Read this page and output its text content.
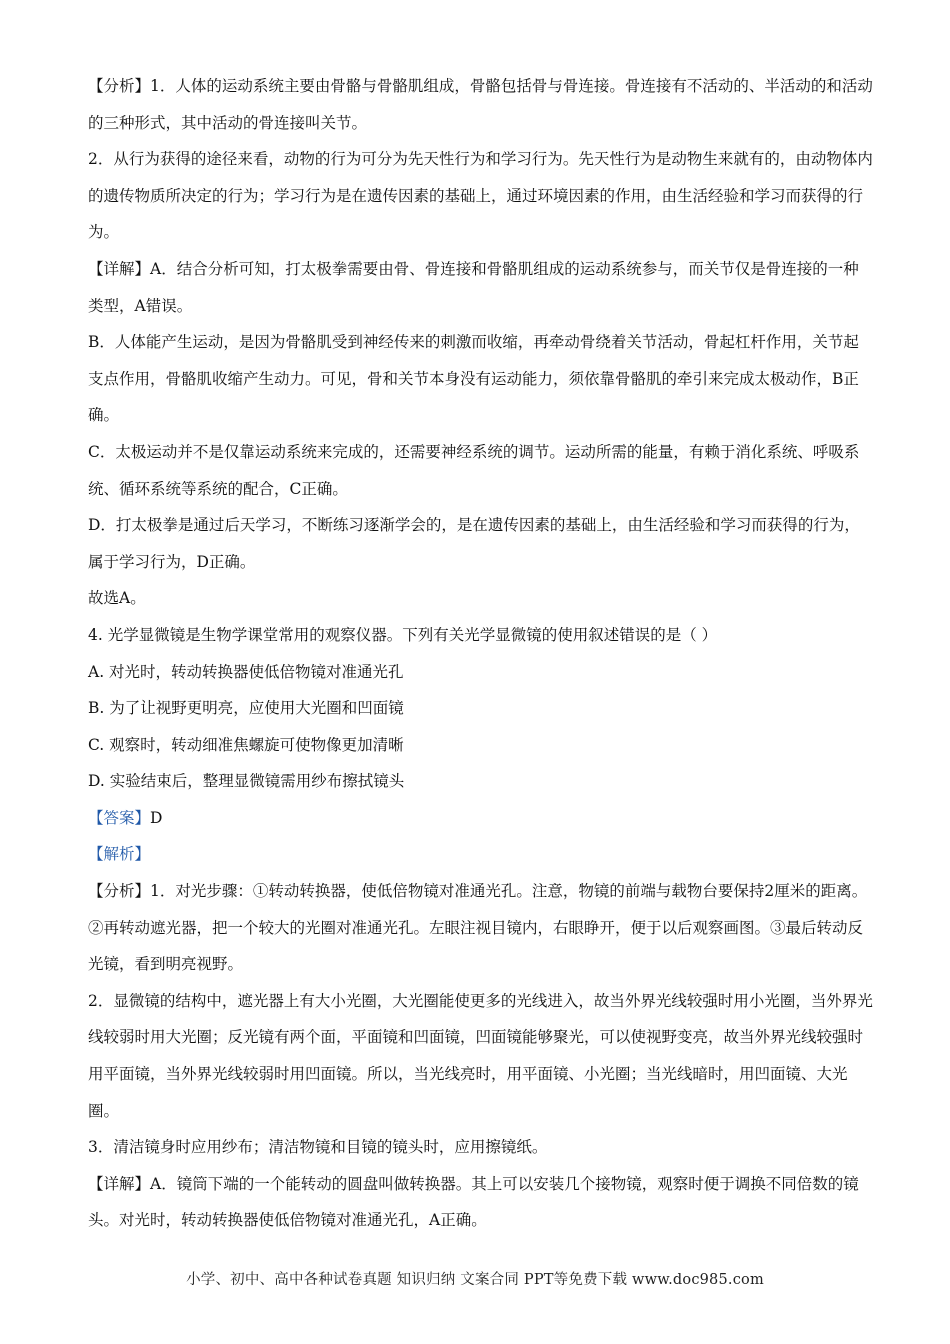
【分析】1．人体的运动系统主要由骨骼与骨骼肌组成，骨骼包括骨与骨连接。骨连接有不活动的、半活动的和活动的三种形式，其中活动的骨连接叫关节。

2．从行为获得的途径来看，动物的行为可分为先天性行为和学习行为。先天性行为是动物生来就有的，由动物体内的遗传物质所决定的行为；学习行为是在遗传因素的基础上，通过环境因素的作用，由生活经验和学习而获得的行为。

【详解】A．结合分析可知，打太极拳需要由骨、骨连接和骨骼肌组成的运动系统参与，而关节仅是骨连接的一种类型，A错误。

B．人体能产生运动，是因为骨骼肌受到神经传来的刺激而收缩，再牵动骨绕着关节活动，骨起杠杆作用，关节起支点作用，骨骼肌收缩产生动力。可见，骨和关节本身没有运动能力，须依靠骨骼肌的牵引来完成太极动作，B正确。

C．太极运动并不是仅靠运动系统来完成的，还需要神经系统的调节。运动所需的能量，有赖于消化系统、呼吸系统、循环系统等系统的配合，C正确。

D．打太极拳是通过后天学习，不断练习逐渐学会的，是在遗传因素的基础上，由生活经验和学习而获得的行为，属于学习行为，D正确。

故选A。

4. 光学显微镜是生物学课堂常用的观察仪器。下列有关光学显微镜的使用叙述错误的是（ ）

A. 对光时，转动转换器使低倍物镜对准通光孔

B. 为了让视野更明亮，应使用大光圈和凹面镜

C. 观察时，转动细准焦螺旋可使物像更加清晰

D. 实验结束后，整理显微镜需用纱布擦拭镜头

【答案】D

【解析】

【分析】1．对光步骤：①转动转换器，使低倍物镜对准通光孔。注意，物镜的前端与载物台要保持2厘米的距离。②再转动遮光器，把一个较大的光圈对准通光孔。左眼注视目镜内，右眼睁开，便于以后观察画图。③最后转动反光镜，看到明亮视野。

2．显微镜的结构中，遮光器上有大小光圈，大光圈能使更多的光线进入，故当外界光线较强时用小光圈，当外界光线较弱时用大光圈；反光镜有两个面，平面镜和凹面镜，凹面镜能够聚光，可以使视野变亮，故当外界光线较强时用平面镜，当外界光线较弱时用凹面镜。所以，当光线亮时，用平面镜、小光圈；当光线暗时，用凹面镜、大光圈。

3．清洁镜身时应用纱布；清洁物镜和目镜的镜头时，应用擦镜纸。

【详解】A．镜筒下端的一个能转动的圆盘叫做转换器。其上可以安装几个接物镜，观察时便于调换不同倍数的镜头。对光时，转动转换器使低倍物镜对准通光孔，A正确。

小学、初中、高中各种试卷真题 知识归纳 文案合同 PPT等免费下载 www.doc985.com
